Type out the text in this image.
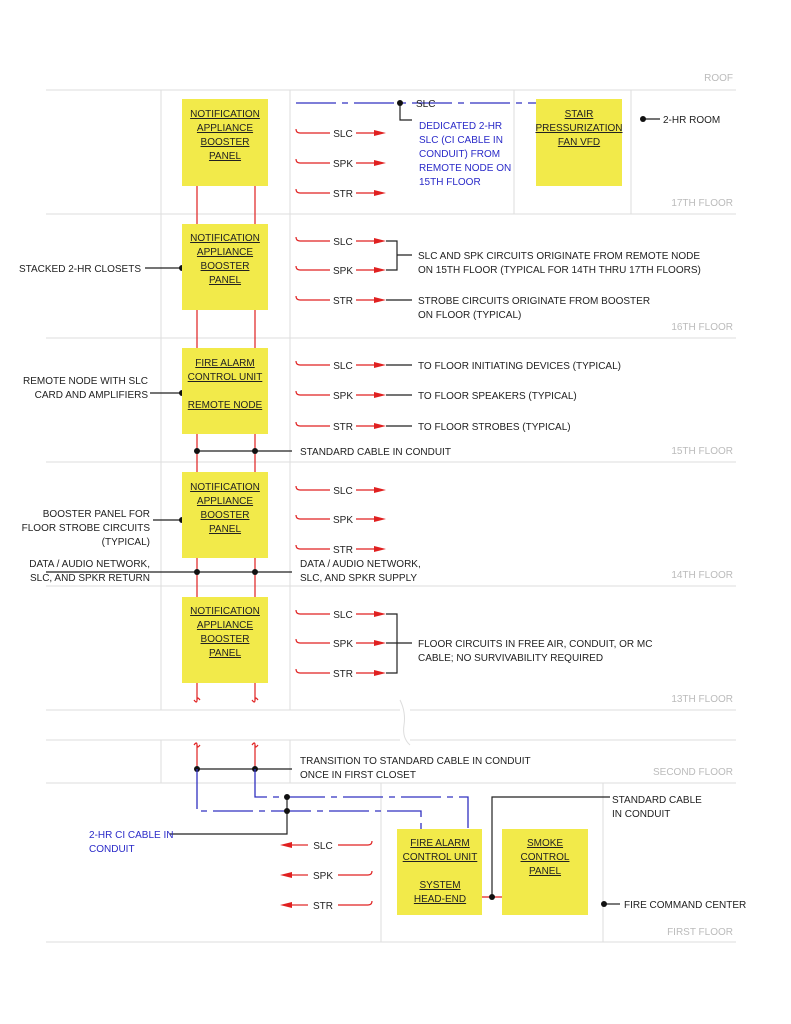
ROOF
17TH FLOOR
16TH FLOOR
15TH FLOOR
14TH FLOOR
13TH FLOOR
SECOND FLOOR
FIRST FLOOR
SLC
SPK
STR
SLC
SPK
STR
SLC
SPK
STR
SLC
SPK
STR
SLC
SPK
STR
SLC
SPK
STR
NOTIFICATION APPLIANCE BOOSTER PANEL
NOTIFICATION APPLIANCE BOOSTER PANEL
FIRE ALARM CONTROL UNIT REMOTE NODE
NOTIFICATION APPLIANCE BOOSTER PANEL
NOTIFICATION APPLIANCE BOOSTER PANEL
STAIR PRESSURIZATION FAN VFD
FIRE ALARM CONTROL UNIT SYSTEM HEAD-END
SMOKE CONTROL PANEL
SLC
DEDICATED 2-HR SLC (CI CABLE IN CONDUIT) FROM REMOTE NODE ON 15TH FLOOR
2-HR ROOM
STACKED 2-HR CLOSETS
SLC AND SPK CIRCUITS ORIGINATE FROM REMOTE NODE ON 15TH FLOOR (TYPICAL FOR 14TH THRU 17TH FLOORS)
STROBE CIRCUITS ORIGINATE FROM BOOSTER ON FLOOR (TYPICAL)
REMOTE NODE WITH SLC CARD AND AMPLIFIERS
TO FLOOR INITIATING DEVICES (TYPICAL)
TO FLOOR SPEAKERS (TYPICAL)
TO FLOOR STROBES (TYPICAL)
STANDARD CABLE IN CONDUIT
BOOSTER PANEL FOR FLOOR STROBE CIRCUITS (TYPICAL)
DATA / AUDIO NETWORK, SLC, AND SPKR RETURN
DATA / AUDIO NETWORK, SLC, AND SPKR SUPPLY
FLOOR CIRCUITS IN FREE AIR, CONDUIT, OR MC CABLE; NO SURVIVABILITY REQUIRED
TRANSITION TO STANDARD CABLE IN CONDUIT ONCE IN FIRST CLOSET
2-HR CI CABLE IN CONDUIT
STANDARD CABLE IN CONDUIT
FIRE COMMAND CENTER
